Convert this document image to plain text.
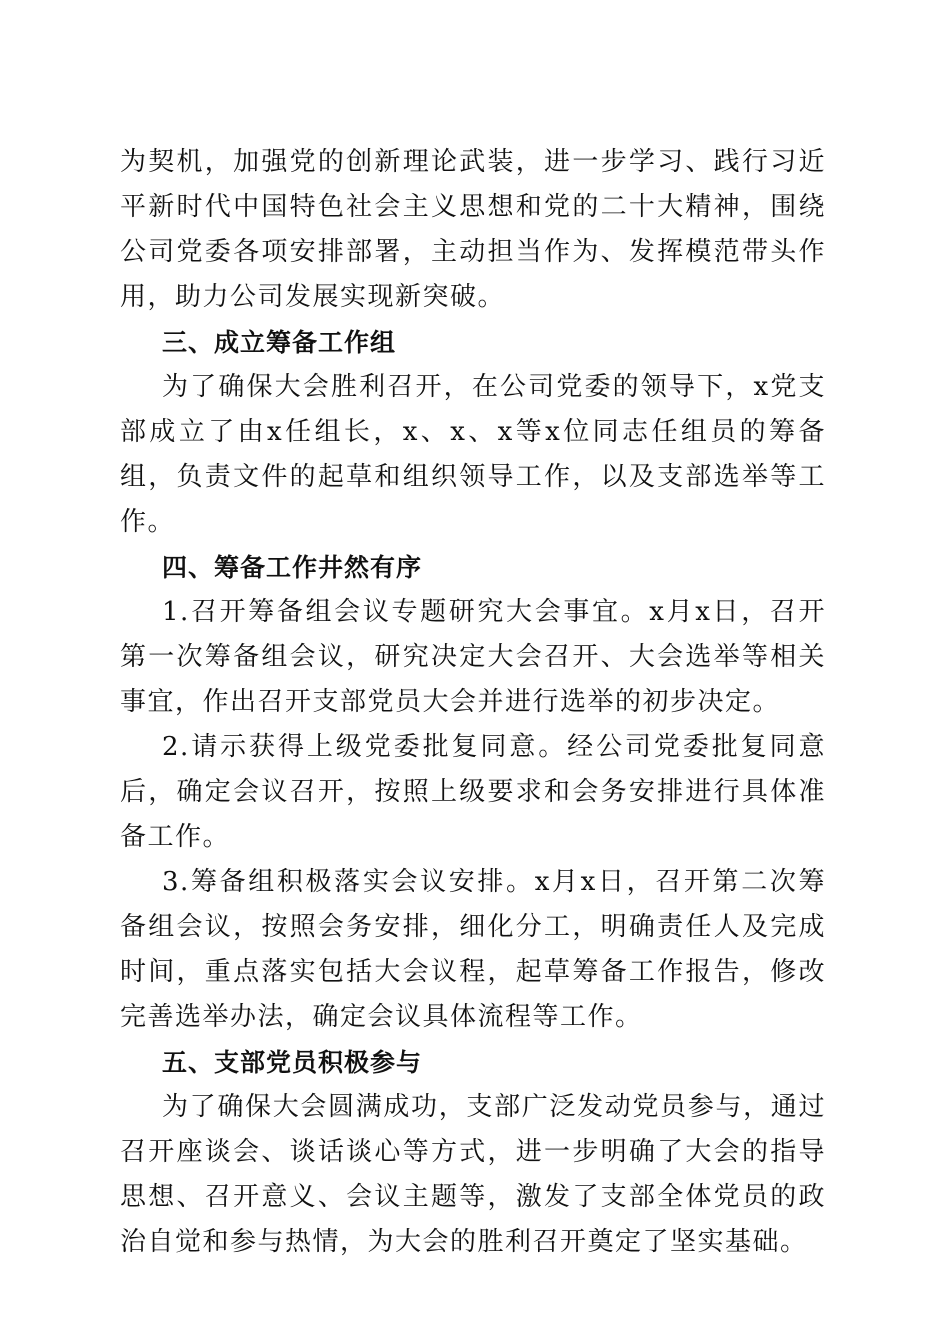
为契机，加强党的创新理论武装，进一步学习、践行习近平新时代中国特色社会主义思想和党的二十大精神，围绕公司党委各项安排部署，主动担当作为、发挥模范带头作用，助力公司发展实现新突破。

三、成立筹备工作组

为了确保大会胜利召开，在公司党委的领导下，x党支部成立了由x任组长，x、x、x等x位同志任组员的筹备组，负责文件的起草和组织领导工作，以及支部选举等工作。

四、筹备工作井然有序

1.召开筹备组会议专题研究大会事宜。x月x日，召开第一次筹备组会议，研究决定大会召开、大会选举等相关事宜，作出召开支部党员大会并进行选举的初步决定。

2.请示获得上级党委批复同意。经公司党委批复同意后，确定会议召开，按照上级要求和会务安排进行具体准备工作。

3.筹备组积极落实会议安排。x月x日，召开第二次筹备组会议，按照会务安排，细化分工，明确责任人及完成时间，重点落实包括大会议程，起草筹备工作报告，修改完善选举办法，确定会议具体流程等工作。

五、支部党员积极参与

为了确保大会圆满成功，支部广泛发动党员参与，通过召开座谈会、谈话谈心等方式，进一步明确了大会的指导思想、召开意义、会议主题等，激发了支部全体党员的政治自觉和参与热情，为大会的胜利召开奠定了坚实基础。
